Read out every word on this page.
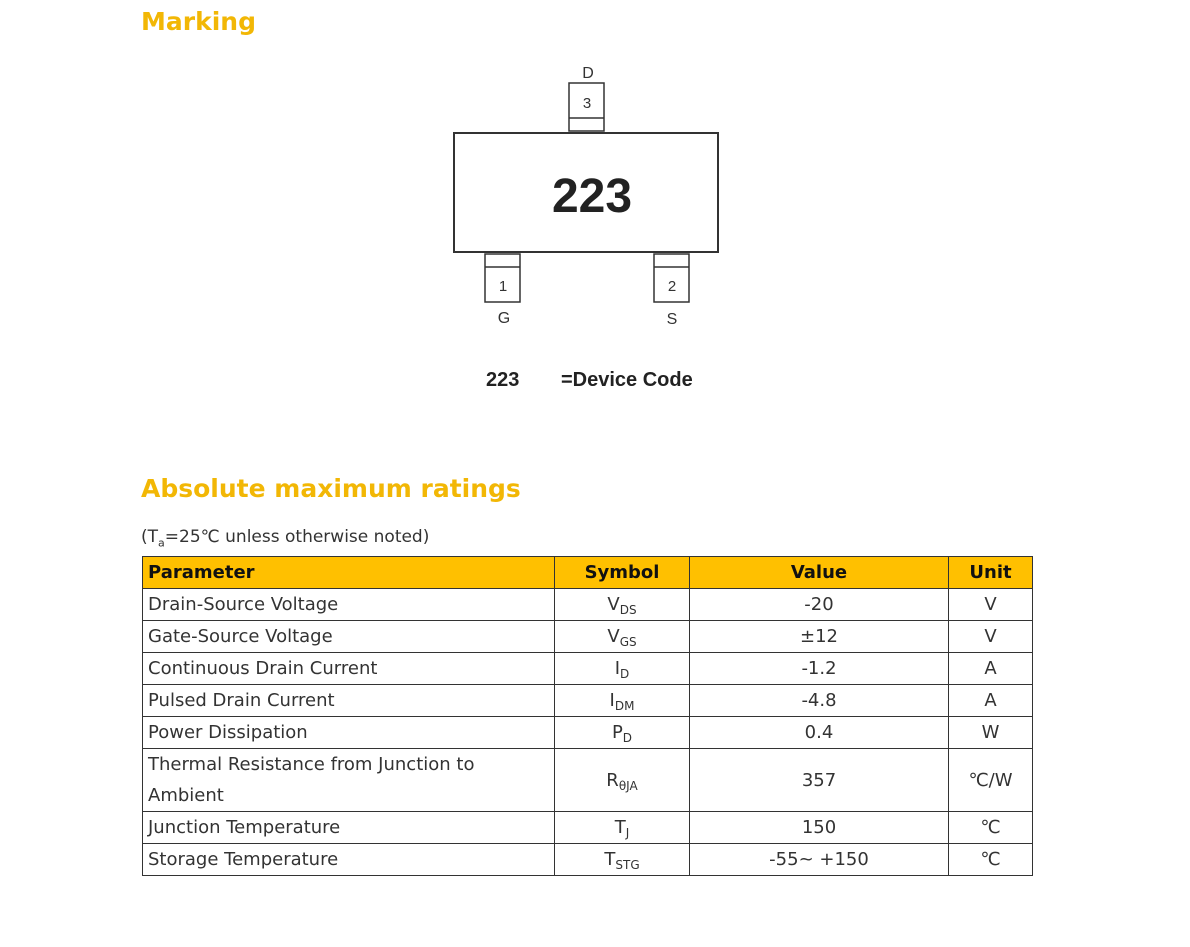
Marking
D
3
223
1
G
2
S
223 =Device Code
Absolute maximum ratings
($T_a=25℃$ unless otherwise noted)
Parameter	Symbol	Value	Unit
Drain-Source Voltage	$V_{DS}$	-20	V
Gate-Source Voltage	$V_{GS}$	±12	V
Continuous Drain Current	$I_D$	-1.2	A
Pulsed Drain Current	$I_{DM}$	-4.8	A
Power Dissipation	$P_D$	0.4	W
Thermal Resistance from Junction to Ambient	$R_{\theta JA}$	357	℃/W
Junction Temperature	$T_J$	150	℃
Storage Temperature	$T_{STG}$	-55~ +150	℃
